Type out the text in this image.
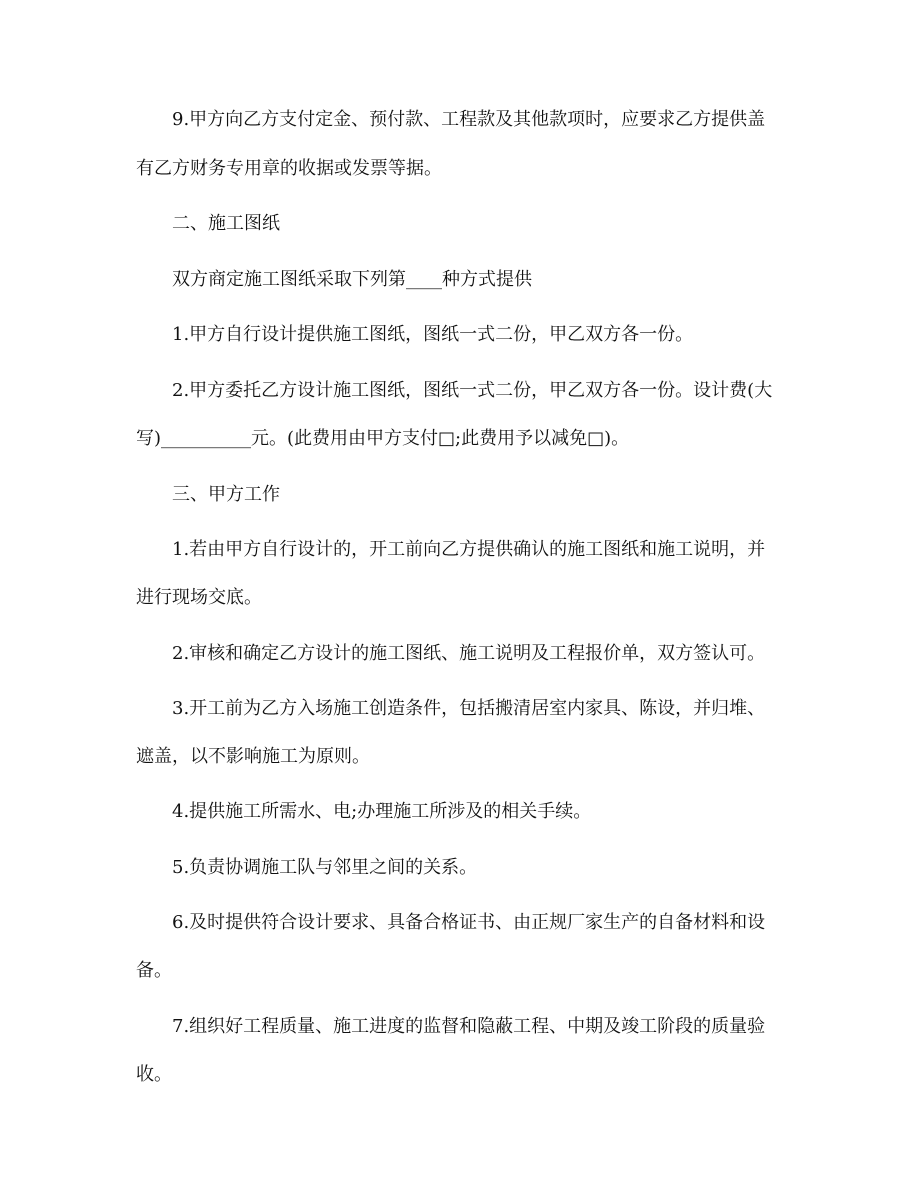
9.甲方向乙方支付定金、预付款、工程款及其他款项时，应要求乙方提供盖
有乙方财务专用章的收据或发票等据。
二、施工图纸
双方商定施工图纸采取下列第____种方式提供
1.甲方自行设计提供施工图纸，图纸一式二份，甲乙双方各一份。
2.甲方委托乙方设计施工图纸，图纸一式二份，甲乙双方各一份。设计费(大
写)__________元。(此费用由甲方支付□;此费用予以减免□)。
三、甲方工作
1.若由甲方自行设计的，开工前向乙方提供确认的施工图纸和施工说明，并
进行现场交底。
2.审核和确定乙方设计的施工图纸、施工说明及工程报价单，双方签认可。
3.开工前为乙方入场施工创造条件，包括搬清居室内家具、陈设，并归堆、
遮盖，以不影响施工为原则。
4.提供施工所需水、电;办理施工所涉及的相关手续。
5.负责协调施工队与邻里之间的关系。
6.及时提供符合设计要求、具备合格证书、由正规厂家生产的自备材料和设
备。
7.组织好工程质量、施工进度的监督和隐蔽工程、中期及竣工阶段的质量验
收。
